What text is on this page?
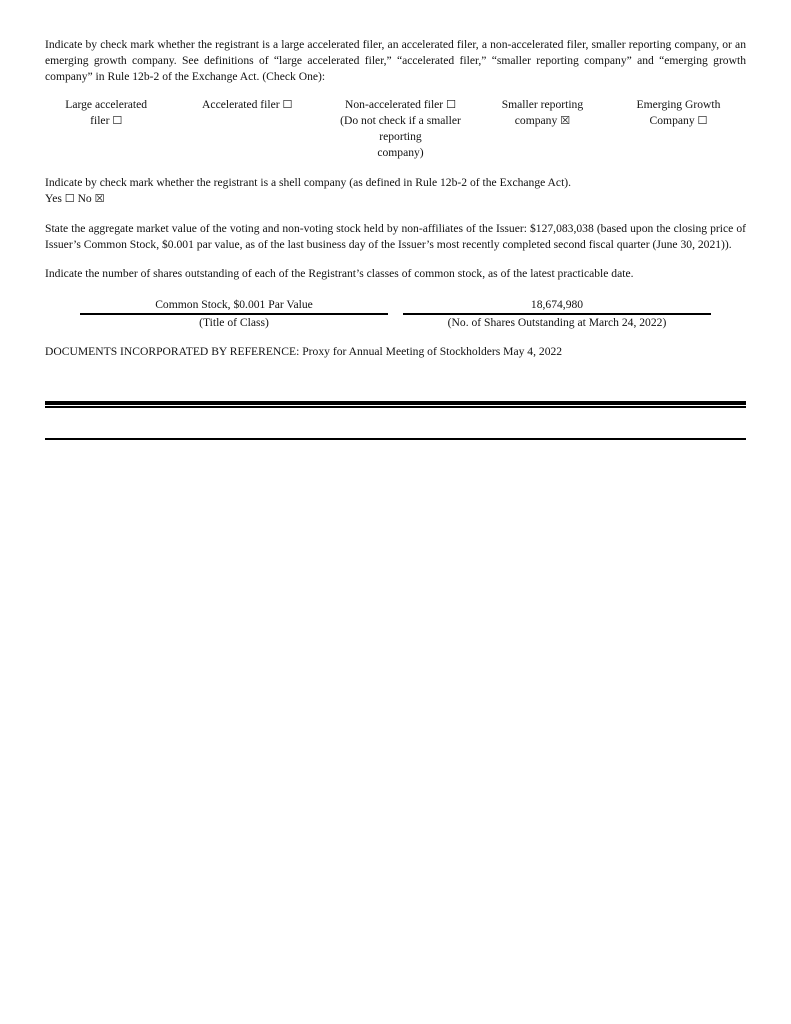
Indicate by check mark whether the registrant is a large accelerated filer, an accelerated filer, a non-accelerated filer, smaller reporting company, or an emerging growth company. See definitions of “large accelerated filer,” “accelerated filer,” “smaller reporting company” and “emerging growth company” in Rule 12b-2 of the Exchange Act. (Check One):

Large accelerated
filer ☐
Accelerated filer ☐	Non-accelerated filer ☐
(Do not check if a smaller
reporting
company)
Smaller reporting
company ☒
Emerging Growth
Company ☐

Indicate by check mark whether the registrant is a shell company (as defined in Rule 12b-2 of the Exchange Act).

Yes ☐ No ☒

State the aggregate market value of the voting and non-voting stock held by non-affiliates of the Issuer: $127,083,038 (based upon the closing price of Issuer’s Common Stock, $0.001 par value, as of the last business day of the Issuer’s most recently completed second fiscal quarter (June 30, 2021)).

Indicate the number of shares outstanding of each of the Registrant’s classes of common stock, as of the latest practicable date.

Common Stock, $0.001 Par Value
(Title of Class)
18,674,980
(No. of Shares Outstanding at March 24, 2022)

DOCUMENTS INCORPORATED BY REFERENCE: Proxy for Annual Meeting of Stockholders May 4, 2022
